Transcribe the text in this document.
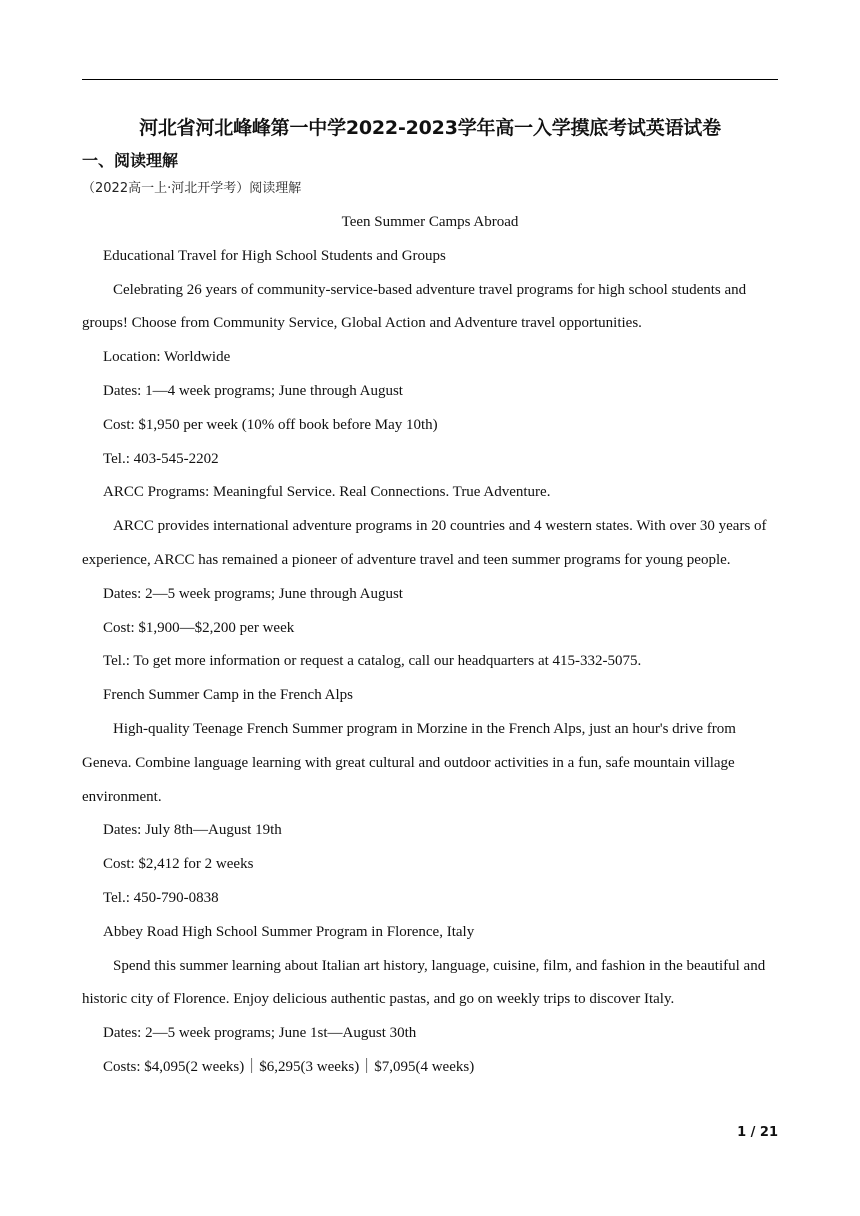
河北省河北峰峰第一中学2022-2023学年高一入学摸底考试英语试卷
一、阅读理解
（2022高一上·河北开学考）阅读理解

Teen Summer Camps Abroad

Educational Travel for High School Students and Groups

Celebrating 26 years of community-service-based adventure travel programs for high school students and groups! Choose from Community Service, Global Action and Adventure travel opportunities.

Location: Worldwide

Dates: 1—4 week programs; June through August

Cost: $1,950 per week (10% off book before May 10th)

Tel.: 403-545-2202

ARCC Programs: Meaningful Service. Real Connections. True Adventure.

ARCC provides international adventure programs in 20 countries and 4 western states. With over 30 years of experience, ARCC has remained a pioneer of adventure travel and teen summer programs for young people.

Dates: 2—5 week programs; June through August

Cost: $1,900—$2,200 per week

Tel.: To get more information or request a catalog, call our headquarters at 415-332-5075.

French Summer Camp in the French Alps

High-quality Teenage French Summer program in Morzine in the French Alps, just an hour's drive from Geneva. Combine language learning with great cultural and outdoor activities in a fun, safe mountain village environment.

Dates: July 8th—August 19th

Cost: $2,412 for 2 weeks

Tel.: 450-790-0838

Abbey Road High School Summer Program in Florence, Italy

Spend this summer learning about Italian art history, language, cuisine, film, and fashion in the beautiful and historic city of Florence. Enjoy delicious authentic pastas, and go on weekly trips to discover Italy.

Dates: 2—5 week programs; June 1st—August 30th

Costs: $4,095(2 weeks)｜$6,295(3 weeks)｜$7,095(4 weeks)

1 / 21
